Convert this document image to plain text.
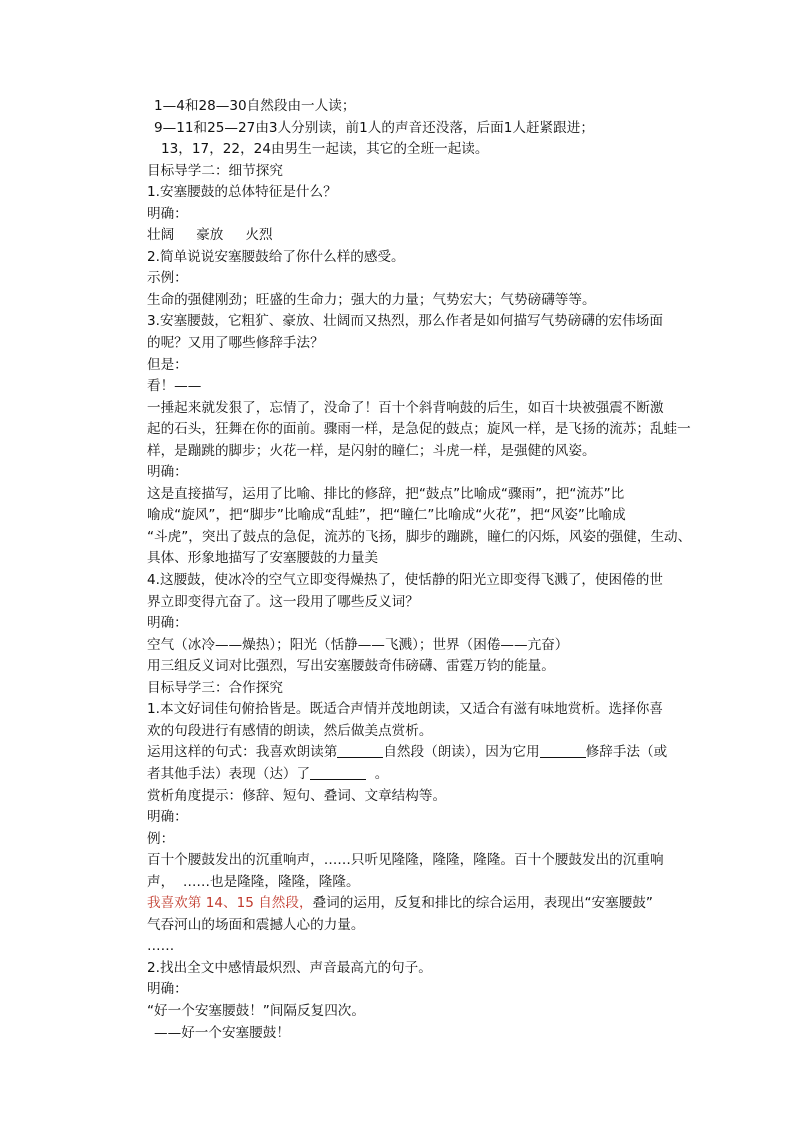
1—4和28—30自然段由一人读；
9—11和25—27由3人分别读，前1人的声音还没落，后面1人赶紧跟进；
13，17，22，24由男生一起读，其它的全班一起读。
目标导学二：细节探究
1.安塞腰鼓的总体特征是什么？
明确：
壮阔 豪放 火烈
2.简单说说安塞腰鼓给了你什么样的感受。
示例：
生命的强健刚劲；旺盛的生命力；强大的力量；气势宏大；气势磅礴等等。
3.安塞腰鼓，它粗犷、豪放、壮阔而又热烈，那么作者是如何描写气势磅礴的宏伟场面
的呢？又用了哪些修辞手法？
但是：
看！——
一捶起来就发狠了，忘情了，没命了！百十个斜背响鼓的后生，如百十块被强震不断激
起的石头，狂舞在你的面前。骤雨一样，是急促的鼓点；旋风一样，是飞扬的流苏；乱蛙一
样，是蹦跳的脚步；火花一样，是闪射的瞳仁；斗虎一样，是强健的风姿。
明确：
这是直接描写，运用了比喻、排比的修辞，把“鼓点”比喻成“骤雨”，把“流苏”比
喻成“旋风”，把“脚步”比喻成“乱蛙”，把“瞳仁”比喻成“火花”，把“风姿”比喻成
“斗虎”，突出了鼓点的急促，流苏的飞扬，脚步的蹦跳，瞳仁的闪烁，风姿的强健，生动、
具体、形象地描写了安塞腰鼓的力量美
4.这腰鼓，使冰冷的空气立即变得燥热了，使恬静的阳光立即变得飞溅了，使困倦的世
界立即变得亢奋了。这一段用了哪些反义词？
明确：
空气（冰冷——燥热）；阳光（恬静——飞溅）；世界（困倦——亢奋）
用三组反义词对比强烈，写出安塞腰鼓奇伟磅礴、雷霆万钧的能量。
目标导学三：合作探究
1.本文好词佳句俯拾皆是。既适合声情并茂地朗读，又适合有滋有味地赏析。选择你喜
欢的句段进行有感情的朗读，然后做美点赏析。
运用这样的句式：我喜欢朗读第	自然段（朗读），因为它用	修辞手法（或
者其他手法）表现（达）了	。
赏析角度提示：修辞、短句、叠词、文章结构等。
明确：
例：
百十个腰鼓发出的沉重响声，……只听见隆隆，隆隆，隆隆。百十个腰鼓发出的沉重响
声，  ……也是隆隆，隆隆，隆隆。
我喜欢第 14、15 自然段，叠词的运用，反复和排比的综合运用，表现出“安塞腰鼓”
气吞河山的场面和震撼人心的力量。
……
2.找出全文中感情最炽烈、声音最高亢的句子。
明确：
“好一个安塞腰鼓！”间隔反复四次。
——好一个安塞腰鼓！
